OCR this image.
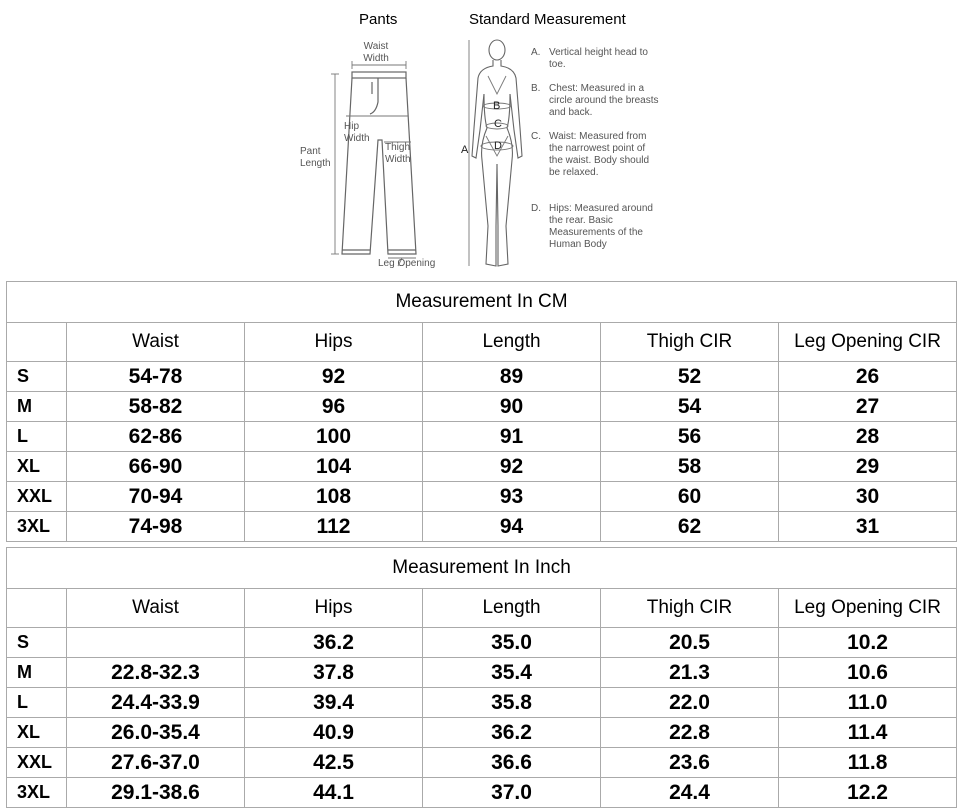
Pants	Standard Measurement
Waist
Width
Hip
Width
Thigh
Width
Pant
Length
Leg Opening
A
B
C
D
A. Vertical height head to toe.
B. Chest: Measured in a circle around the breasts and back.
C. Waist: Measured from the narrowest point of the waist. Body should be relaxed.
D. Hips: Measured around the rear. Basic Measurements of the Human Body
Measurement In CM					
	Waist	Hips	Length	Thigh CIR	Leg Opening CIR
S	54-78	92	89	52	26
M	58-82	96	90	54	27
L	62-86	100	91	56	28
XL	66-90	104	92	58	29
XXL	70-94	108	93	60	30
3XL	74-98	112	94	62	31
Measurement In Inch					
	Waist	Hips	Length	Thigh CIR	Leg Opening CIR
S		36.2	35.0	20.5	10.2
M	22.8-32.3	37.8	35.4	21.3	10.6
L	24.4-33.9	39.4	35.8	22.0	11.0
XL	26.0-35.4	40.9	36.2	22.8	11.4
XXL	27.6-37.0	42.5	36.6	23.6	11.8
3XL	29.1-38.6	44.1	37.0	24.4	12.2
